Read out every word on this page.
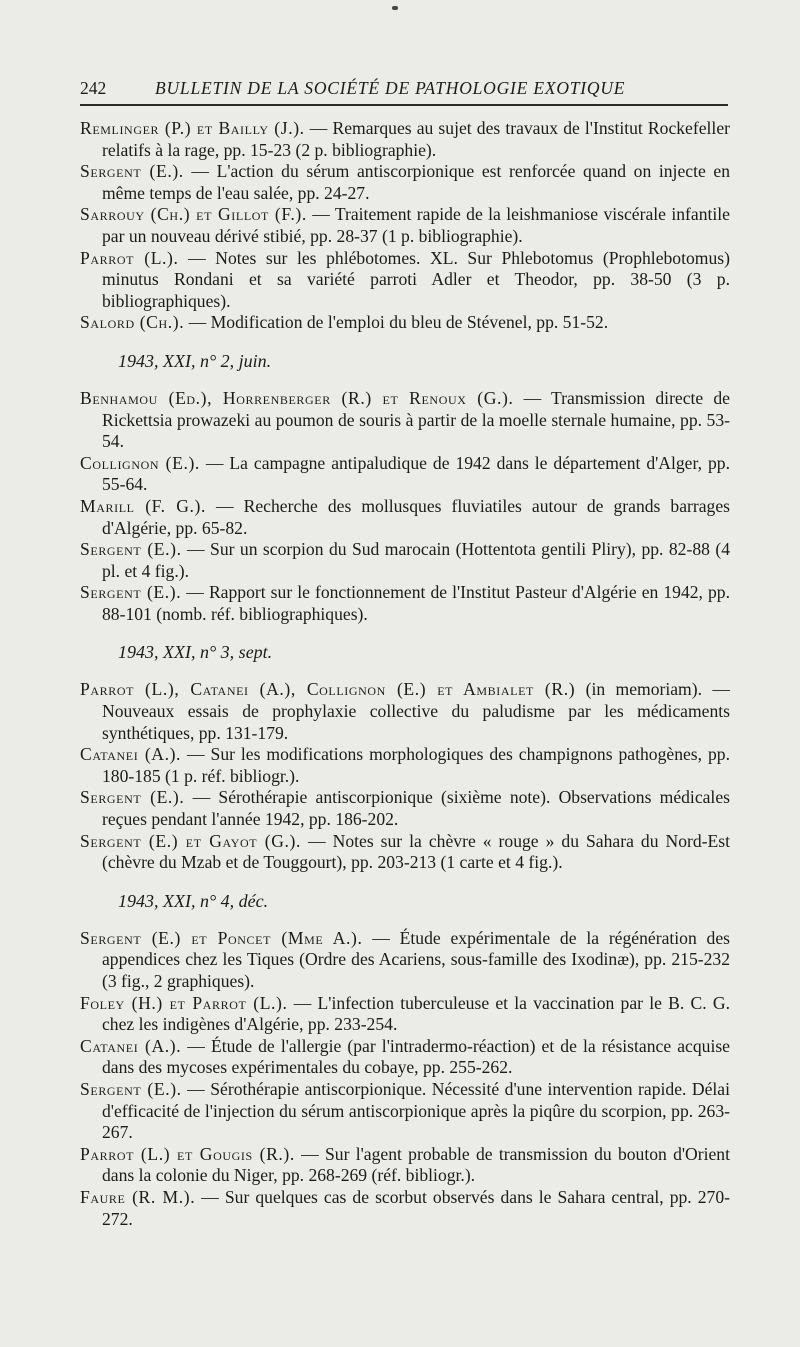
242	BULLETIN DE LA SOCIÉTÉ DE PATHOLOGIE EXOTIQUE

Remlinger (P.) et Bailly (J.). — Remarques au sujet des travaux de l'Institut Rockefeller relatifs à la rage, pp. 15-23 (2 p. bibliographie).

Sergent (E.). — L'action du sérum antiscorpionique est renforcée quand on injecte en même temps de l'eau salée, pp. 24-27.

Sarrouy (Ch.) et Gillot (F.). — Traitement rapide de la leishmaniose viscérale infantile par un nouveau dérivé stibié, pp. 28-37 (1 p. bibliographie).

Parrot (L.). — Notes sur les phlébotomes. XL. Sur Phlebotomus (Prophlebotomus) minutus Rondani et sa variété parroti Adler et Theodor, pp. 38-50 (3 p. bibliographiques).

Salord (Ch.). — Modification de l'emploi du bleu de Stévenel, pp. 51-52.

1943, XXI, n° 2, juin.

Benhamou (Ed.), Horrenberger (R.) et Renoux (G.). — Transmission directe de Rickettsia prowazeki au poumon de souris à partir de la moelle sternale humaine, pp. 53-54.

Collignon (E.). — La campagne antipaludique de 1942 dans le département d'Alger, pp. 55-64.

Marill (F. G.). — Recherche des mollusques fluviatiles autour de grands barrages d'Algérie, pp. 65-82.

Sergent (E.). — Sur un scorpion du Sud marocain (Hottentota gentili Pliry), pp. 82-88 (4 pl. et 4 fig.).

Sergent (E.). — Rapport sur le fonctionnement de l'Institut Pasteur d'Algérie en 1942, pp. 88-101 (nomb. réf. bibliographiques).

1943, XXI, n° 3, sept.

Parrot (L.), Catanei (A.), Collignon (E.) et Ambialet (R.) (in memoriam). — Nouveaux essais de prophylaxie collective du paludisme par les médicaments synthétiques, pp. 131-179.

Catanei (A.). — Sur les modifications morphologiques des champignons pathogènes, pp. 180-185 (1 p. réf. bibliogr.).

Sergent (E.). — Sérothérapie antiscorpionique (sixième note). Observations médicales reçues pendant l'année 1942, pp. 186-202.

Sergent (E.) et Gayot (G.). — Notes sur la chèvre « rouge » du Sahara du Nord-Est (chèvre du Mzab et de Touggourt), pp. 203-213 (1 carte et 4 fig.).

1943, XXI, n° 4, déc.

Sergent (E.) et Poncet (Mme A.). — Étude expérimentale de la régénération des appendices chez les Tiques (Ordre des Acariens, sous-famille des Ixodinæ), pp. 215-232 (3 fig., 2 graphiques).

Foley (H.) et Parrot (L.). — L'infection tuberculeuse et la vaccination par le B. C. G. chez les indigènes d'Algérie, pp. 233-254.

Catanei (A.). — Étude de l'allergie (par l'intradermo-réaction) et de la résistance acquise dans des mycoses expérimentales du cobaye, pp. 255-262.

Sergent (E.). — Sérothérapie antiscorpionique. Nécessité d'une intervention rapide. Délai d'efficacité de l'injection du sérum antiscorpionique après la piqûre du scorpion, pp. 263-267.

Parrot (L.) et Gougis (R.). — Sur l'agent probable de transmission du bouton d'Orient dans la colonie du Niger, pp. 268-269 (réf. bibliogr.).

Faure (R. M.). — Sur quelques cas de scorbut observés dans le Sahara central, pp. 270-272.
